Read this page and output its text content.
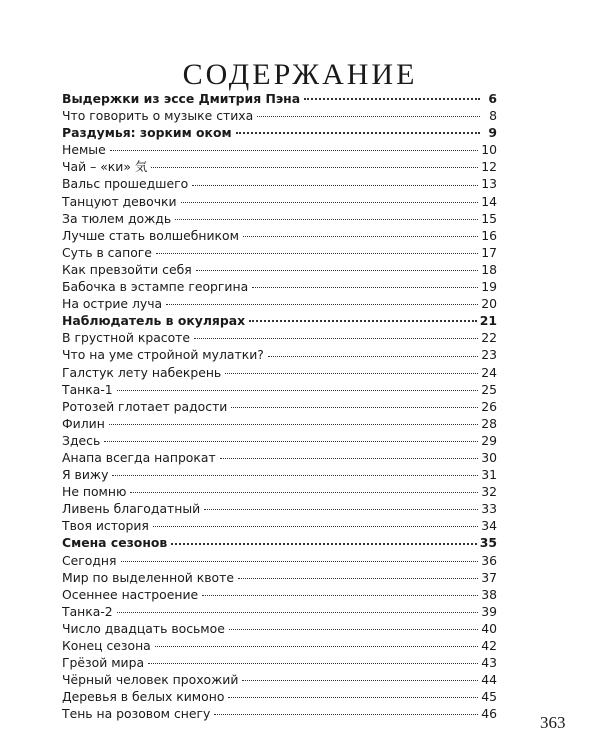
СОДЕРЖАНИЕ
Выдержки из эссе Дмитрия Пэна	6
Что говорить о музыке стиха	8
Раздумья: зорким оком	9
Немые	10
Чай – «ки» 気	12
Вальс прошедшего	13
Танцуют девочки	14
За тюлем дождь	15
Лучше стать волшебником	16
Суть в сапоге	17
Как превзойти себя	18
Бабочка в эстампе георгина	19
На острие луча	20
Наблюдатель в окулярах	21
В грустной красоте	22
Что на уме стройной мулатки?	23
Галстук лету набекрень	24
Танка-1	25
Ротозей глотает радости	26
Филин	28
Здесь	29
Анапа всегда напрокат	30
Я вижу	31
Не помню	32
Ливень благодатный	33
Твоя история	34
Смена сезонов	35
Сегодня	36
Мир по выделенной квоте	37
Осеннее настроение	38
Танка-2	39
Число двадцать восьмое	40
Конец сезона	42
Грёзой мира	43
Чёрный человек прохожий	44
Деревья в белых кимоно	45
Тень на розовом снегу	46	363
